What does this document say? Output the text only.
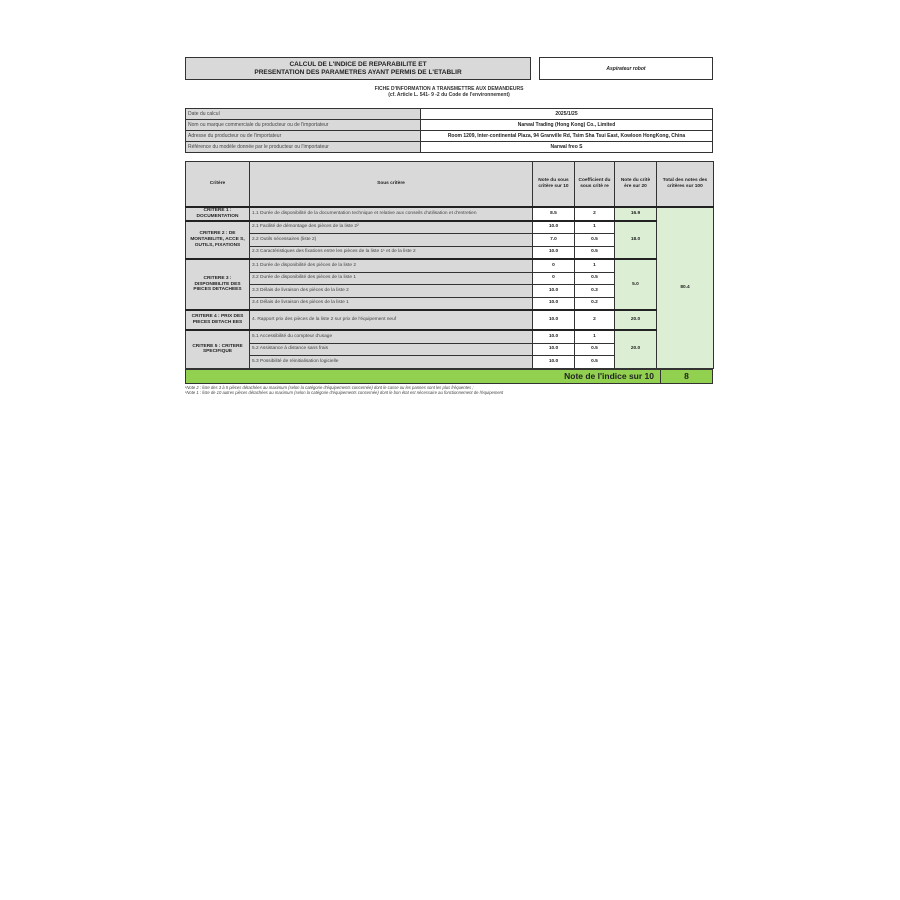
CALCUL DE L'INDICE DE REPARABILITE ET
PRESENTATION DES PARAMETRES AYANT PERMIS DE L'ETABLIR		Aspirateur robot
FICHE D'INFORMATION A TRANSMETTRE AUX DEMANDEURS
(cf. Article L. 541- 9 -2 du Code de l'environnement)
Date du calcul	2025/1/25
Nom ou marque commerciale du producteur ou de l'importateur	Narwal Trading (Hong Kong) Co., Limited
Adresse du producteur ou de l'importateur	Room 1209, Inter-continental Plaza, 94 Granville Rd, Tsim Sha Tsui East, Kowloon HongKong, China
Référence du modèle donnée par le producteur ou l'importateur	Narwal freo S
Critère	Sous critère	Note du sous critère sur 10	Coefficient du sous critè re	Note du critè ère sur 20	Total des notes des critères sur 100
CRITERE 1 : DOCUMENTATION	1.1 Durée de disponibilité de la documentation technique et relative aux conseils d'utilisation et d'entretien	8.5	2	16.9	80.4
CRITERE 2 : DE MONTABILITE, ACCE S, OUTILS, FIXATIONS	2.1 Facilité de démontage des pièces de la liste 2²	10.0	1	18.0	
	2.2 Outils nécessaires (liste 2)	7.0	0.5		
	2.3 Caractéristiques des fixations entre les pièces de la liste 1¹ et de la liste 2	10.0	0.5		
CRITERE 3 : DISPONIBILITE DES PIECES DETACHEES	3.1 Durée de disponibilité des pièces de la liste 2	0	1	5.0	
	3.2 Durée de disponibilité des pièces de la liste 1	0	0.5		
	3.3 Délais de livraison des pièces de la liste 2	10.0	0.3		
	3.4 Délais de livraison des pièces de la liste 1	10.0	0.2		
CRITERE 4 : PRIX DES PIECES DETACH EES	4. Rapport prix des pièces de la liste 2 sur prix de l'équipement neuf	10.0	2	20.0	
CRITERE 5 : CRITERE SPECIFIQUE	5.1 Accessibilité du compteur d'usage	10.0	1	20.0	
	5.2 Assistance à distance sans frais	10.0	0.5		
	5.3 Possibilité de réinitialisation logicielle	10.0	0.5		
Note de l'indice sur 10	8
¹Note 2 : liste des 3 à 5 pièces détachées au maximum (selon la catégorie d'équipements concernée) dont le casse ou les pannes sont les plus fréquentes ;
¹Note 1 : liste de 10 autres pièces détachées au maximum (selon la catégorie d'équipements concernée) dont le bon état est nécessaire au fonctionnement de l'équipement
